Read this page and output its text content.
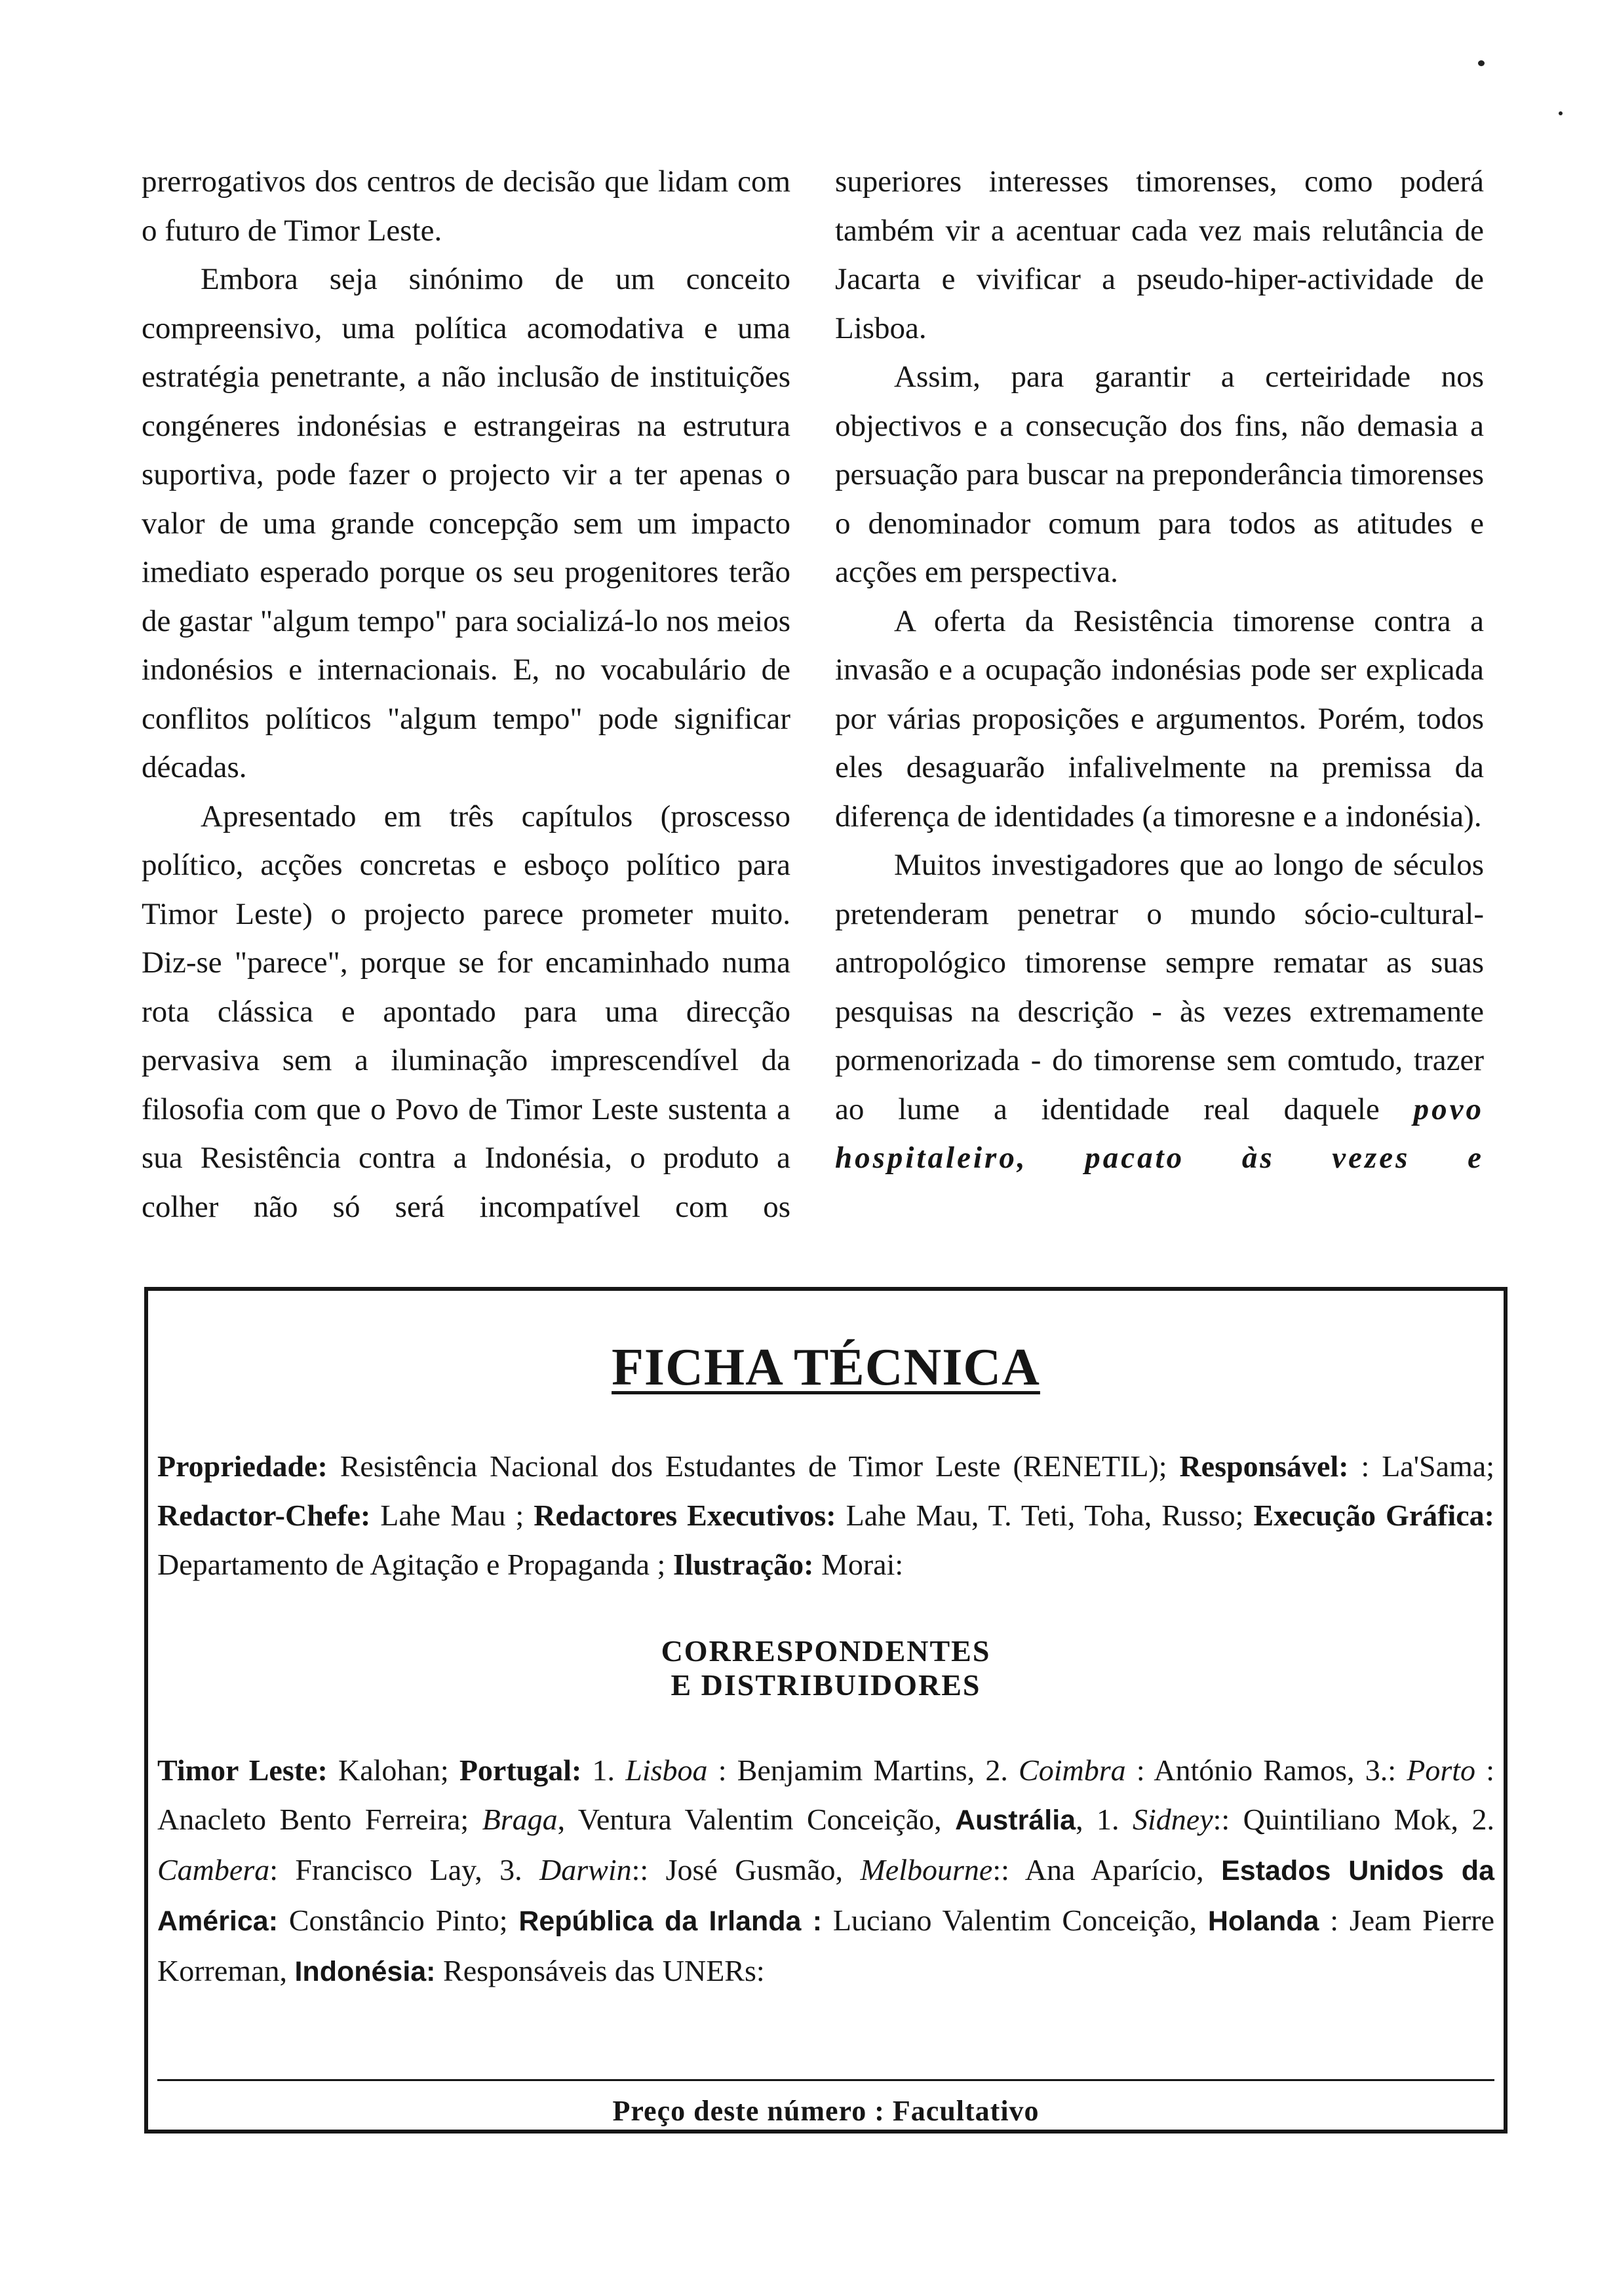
prerrogativos dos centros de decisão que lidam com o futuro de Timor Leste.

Embora seja sinónimo de um conceito compreensivo, uma política acomodativa e uma estratégia penetrante, a não inclusão de instituições congéneres indonésias e estrangeiras na estrutura suportiva, pode fazer o projecto vir a ter apenas o valor de uma grande concepção sem um impacto imediato esperado porque os seu progenitores terão de gastar "algum tempo" para socializá-lo nos meios indonésios e internacionais. E, no vocabulário de conflitos políticos "algum tempo" pode significar décadas.

Apresentado em três capítulos (proscesso político, acções concretas e esboço político para Timor Leste) o projecto parece prometer muito. Diz-se "parece", porque se for encaminhado numa rota clássica e apontado para uma direcção pervasiva sem a iluminação imprescendível da filosofia com que o Povo de Timor Leste sustenta a sua Resistência contra a Indonésia, o produto a colher não só será incompatível com os

superiores interesses timorenses, como poderá também vir a acentuar cada vez mais relutância de Jacarta e vivificar a pseudo-hiper-actividade de Lisboa.

Assim, para garantir a certeiridade nos objectivos e a consecução dos fins, não demasia a persuação para buscar na preponderância timorenses o denominador comum para todos as atitudes e acções em perspectiva.

A oferta da Resistência timorense contra a invasão e a ocupação indonésias pode ser explicada por várias proposições e argumentos. Porém, todos eles desaguarão infalivelmente na premissa da diferença de identidades (a timoresne e a indonésia).

Muitos investigadores que ao longo de séculos pretenderam penetrar o mundo sócio-cultural-antropológico timorense sempre rematar as suas pesquisas na descrição - às vezes extremamente pormenorizada - do timorense sem comtudo, trazer ao lume a identidade real daquele povo hospitaleiro, pacato às vezes e

FICHA TÉCNICA
Propriedade: Resistência Nacional dos Estudantes de Timor Leste (RENETIL); Responsável: : La'Sama; Redactor-Chefe: Lahe Mau ; Redactores Executivos: Lahe Mau, T. Teti, Toha, Russo; Execução Gráfica: Departamento de Agitação e Propaganda ; Ilustração: Morai:
CORRESPONDENTES
E DISTRIBUIDORES
Timor Leste: Kalohan; Portugal: 1. Lisboa : Benjamim Martins, 2. Coimbra : António Ramos, 3.: Porto : Anacleto Bento Ferreira; Braga, Ventura Valentim Conceição, Austrália, 1. Sidney:: Quintiliano Mok, 2. Cambera: Francisco Lay, 3. Darwin:: José Gusmão, Melbourne:: Ana Aparício, Estados Unidos da América: Constâncio Pinto; República da Irlanda : Luciano Valentim Conceição, Holanda : Jeam Pierre Korreman, Indonésia: Responsáveis das UNERs:
Preço deste número : Facultativo
